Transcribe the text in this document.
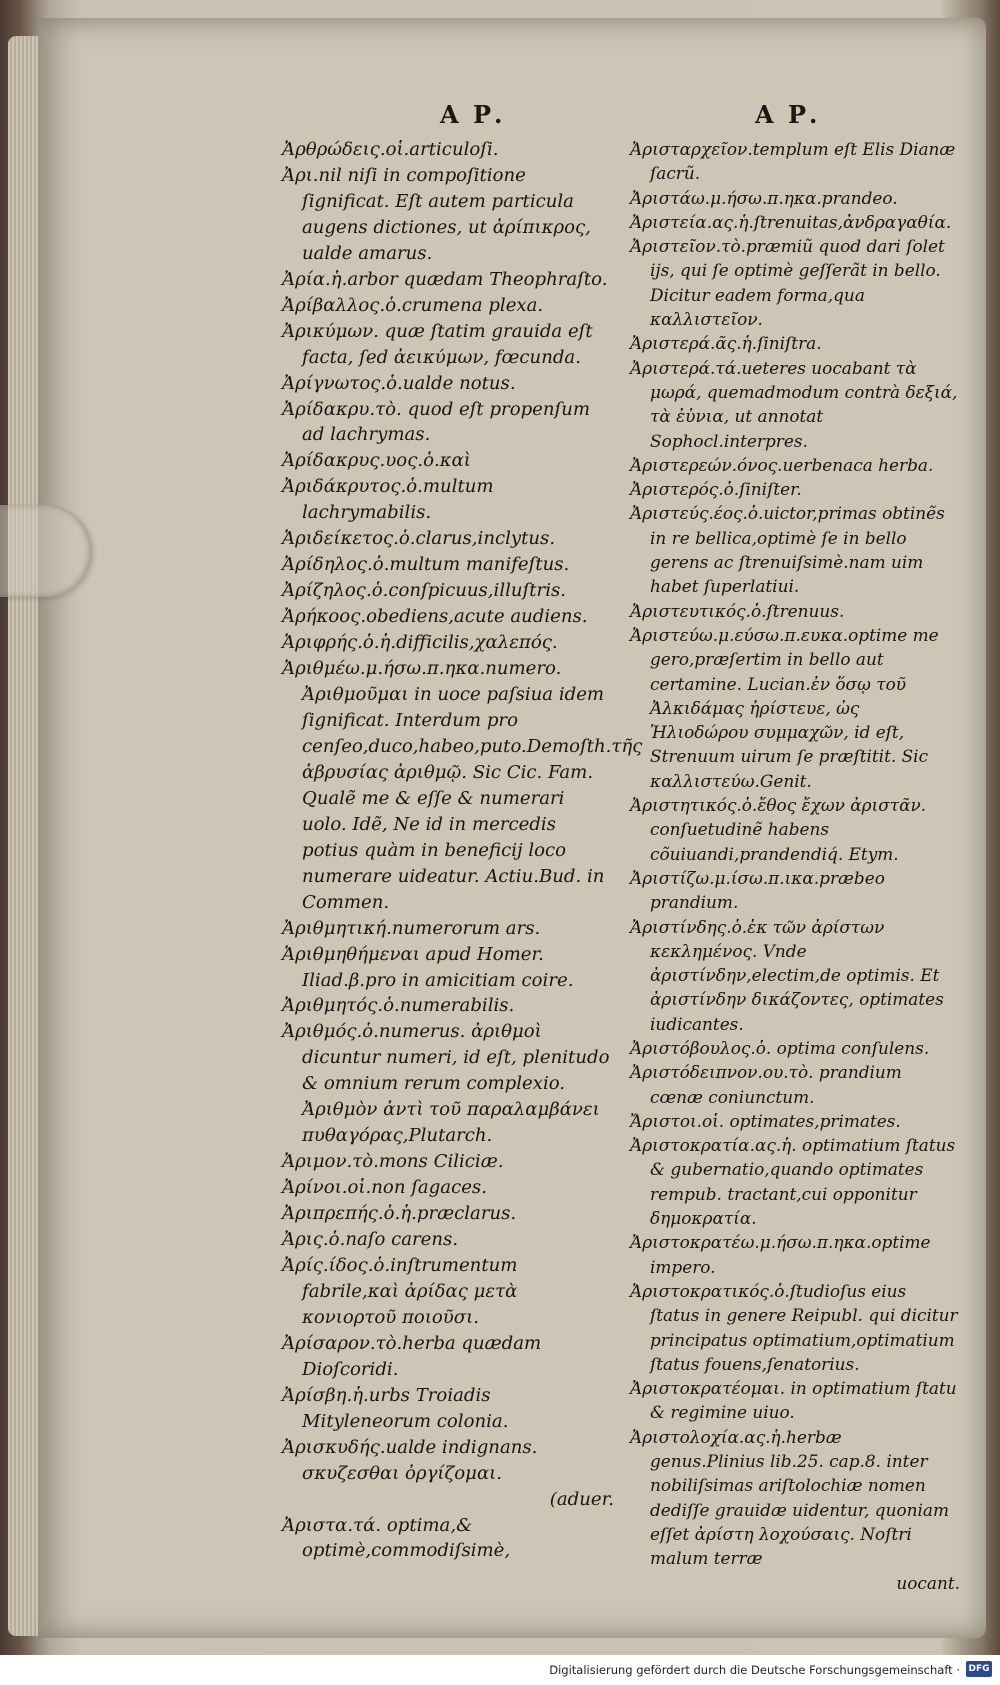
Α Ρ.	Α Ρ.

Ἀρθρώδεις.οἱ.articuloſi.

Ἀρι.nil niſi in compoſitione ſignificat. Eſt autem particula augens dictiones, ut ἀρίπικρος, ualde amarus.

Ἀρία.ἡ.arbor quædam Theophraſto.

Ἀρίβαλλος.ὁ.crumena plexa.

Ἀρικύμων. quæ ſtatim grauida eſt facta, ſed ἀεικύμων, fœcunda.

Ἀρίγνωτος.ὁ.ualde notus.

Ἀρίδακρυ.τὸ. quod eſt propenſum ad lachrymas.

Ἀρίδακρυς.υος.ὁ.καὶ

Ἀριδάκρυτος.ὁ.multum lachrymabilis.

Ἀριδείκετος.ὁ.clarus,inclytus.

Ἀρίδηλος.ὁ.multum manifeſtus.

Ἀρίζηλος.ὁ.conſpicuus,illuſtris.

Ἀρήκοος.obediens,acute audiens.

Ἀριφρής.ὁ.ἡ.difficilis,χαλεπός.

Ἀριθμέω.μ.ήσω.π.ηκα.numero. Ἀριθμοῦμαι in uoce paſsiua idem ſignificat. Interdum pro cenſeo,duco,habeo,puto.Demoſth.τῆς ἀβρυσίας ἀριθμῷ. Sic Cic. Fam. Qualẽ me & eſſe & numerari uolo. Idẽ, Ne id in mercedis potius quàm in beneficij loco numerare uideatur. Actiu.Bud. in Commen.

Ἀριθμητική.numerorum ars.

Ἀριθμηθήμεναι apud Homer. Iliad.β.pro in amicitiam coire.

Ἀριθμητός.ὁ.numerabilis.

Ἀριθμός.ὁ.numerus. ἀριθμοὶ dicuntur numeri, id eſt, plenitudo & omnium rerum complexio. Ἀριθμὸν ἀντὶ τοῦ παραλαμβάνει πυθαγόρας,Plutarch.

Ἀριμον.τὸ.mons Ciliciæ.

Ἀρίνοι.οἱ.non ſagaces.

Ἀριπρεπής.ὁ.ἡ.præclarus.

Ἀρις.ὁ.naſo carens.

Ἀρίς.ίδος.ὁ.inſtrumentum fabrile,καὶ ἀρίδας μετὰ κονιορτοῦ ποιοῦσι.

Ἀρίσαρον.τὸ.herba quædam Dioſcoridi.

Ἀρίσβη.ἡ.urbs Troiadis Mityleneorum colonia.

Ἀρισκυδής.ualde indignans. σκυζεσθαι ὀργίζομαι.

(aduer.

Ἀριστα.τά. optima,& optimè,commodiſsimè,

Ἀρισταρχεῖον.templum eſt Elis Dianæ ſacrũ.

Ἀριστάω.μ.ήσω.π.ηκα.prandeo.

Ἀριστεία.ας.ἡ.ſtrenuitas,ἀνδραγαθία.

Ἀριστεῖον.τὸ.præmiũ quod dari ſolet ijs, qui ſe optimè geſſerãt in bello. Dicitur eadem forma,qua καλλιστεῖον.

Ἀριστερά.ᾶς.ἡ.ſiniſtra.

Ἀριστερά.τά.ueteres uocabant τὰ μωρά, quemadmodum contrà δεξιά, τὰ ἐὐνια, ut annotat Sophocl.interpres.

Ἀριστερεών.όνος.uerbenaca herba.

Ἀριστερός.ὁ.ſiniſter.

Ἀριστεύς.έος.ὁ.uictor,primas obtinẽs in re bellica,optimè ſe in bello gerens ac ſtrenuiſsimè.nam uim habet ſuperlatiui.

Ἀριστευτικός.ὁ.ſtrenuus.

Ἀριστεύω.μ.εύσω.π.ευκα.optime me gero,præſertim in bello aut certamine. Lucian.ἐν ὅσῳ τοῦ Ἀλκιδάμας ἠρίστευε, ὡς Ἡλιοδώρου συμμαχῶν, id eſt, Strenuum uirum ſe præſtitit. Sic καλλιστεύω.Genit.

Ἀριστητικός.ὁ.ἔθος ἔχων ἀριστᾶν. conſuetudinẽ habens cõuiuandi,prandendiq́. Etym.

Ἀριστίζω.μ.ίσω.π.ικα.præbeo prandium.

Ἀριστίνδης.ὁ.ἐκ τῶν ἀρίστων κεκλημένος. Vnde ἀριστίνδην,electim,de optimis. Et ἀριστίνδην δικάζοντες, optimates iudicantes.

Ἀριστόβουλος.ὁ. optima conſulens.

Ἀριστόδειπνον.ου.τὸ. prandium cœnæ coniunctum.

Ἄριστοι.οἱ. optimates,primates.

Ἀριστοκρατία.ας.ἡ. optimatium ſtatus & gubernatio,quando optimates rempub. tractant,cui opponitur δημοκρατία.

Ἀριστοκρατέω.μ.ήσω.π.ηκα.optime impero.

Ἀριστοκρατικός.ὁ.ſtudioſus eius ſtatus in genere Reipubl. qui dicitur principatus optimatium,optimatium ſtatus fouens,ſenatorius.

Ἀριστοκρατέομαι. in optimatium ſtatu & regimine uiuo.

Ἀριστολοχία.ας.ἡ.herbæ genus.Plinius lib.25. cap.8. inter nobiliſsimas ariſtolochiæ nomen dediſſe grauidæ uidentur, quoniam eſſet ἀρίστη λοχούσαις. Noſtri malum terræ

uocant.

Digitalisierung gefördert durch die Deutsche Forschungsgemeinschaft · DFG
